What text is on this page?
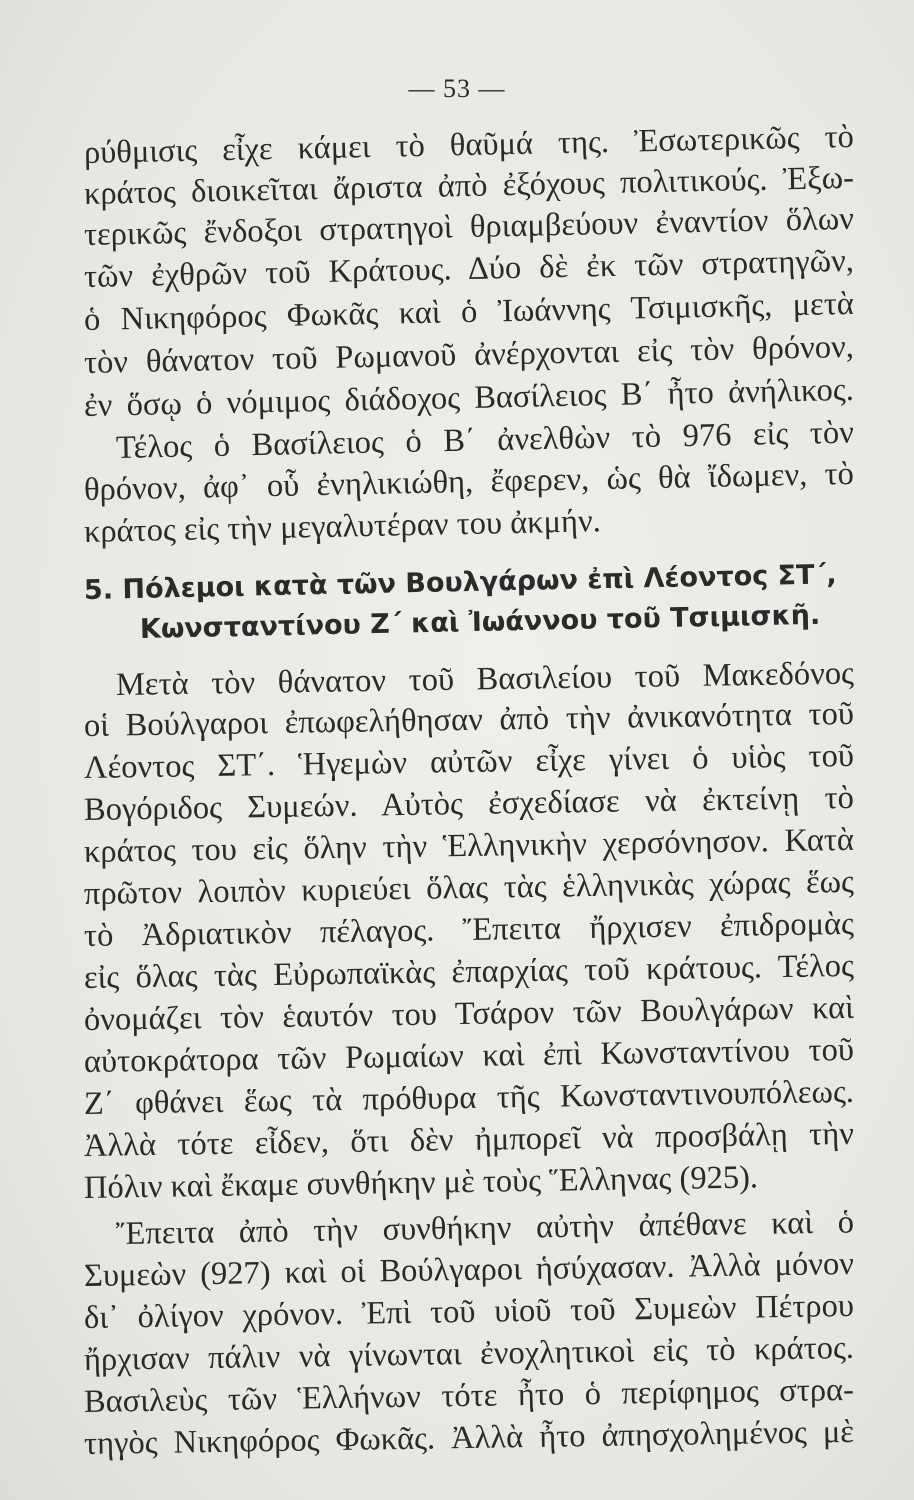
— 53 —
ρύθμισις εἶχε κάμει τὸ θαῦμά της. Ἐσωτερικῶς τὸ
κράτος διοικεῖται ἄριστα ἀπὸ ἐξόχους πολιτικούς. Ἐξω-
τερικῶς ἔνδοξοι στρατηγοὶ θριαμβεύουν ἐναντίον ὅλων
τῶν ἐχθρῶν τοῦ Κράτους. Δύο δὲ ἐκ τῶν στρατηγῶν,
ὁ Νικηφόρος Φωκᾶς καὶ ὁ Ἰωάννης Τσιμισκῆς, μετὰ
τὸν θάνατον τοῦ Ρωμανοῦ ἀνέρχονται εἰς τὸν θρόνον,
ἐν ὅσῳ ὁ νόμιμος διάδοχος Βασίλειος Β΄ ἦτο ἀνήλικος.
Τέλος ὁ Βασίλειος ὁ Β΄ ἀνελθὼν τὸ 976 εἰς τὸν
θρόνον, ἀφ᾿ οὗ ἐνηλικιώθη, ἔφερεν, ὡς θὰ ἴδωμεν, τὸ
κράτος εἰς τὴν μεγαλυτέραν του ἀκμήν.
5. Πόλεμοι κατὰ τῶν Βουλγάρων ἐπὶ Λέοντος ΣΤ΄,
Κωνσταντίνου Ζ΄ καὶ Ἰωάννου τοῦ Τσιμισκῆ.
Μετὰ τὸν θάνατον τοῦ Βασιλείου τοῦ Μακεδόνος
οἱ Βούλγαροι ἐπωφελήθησαν ἀπὸ τὴν ἀνικανότητα τοῦ
Λέοντος ΣΤ΄. Ἡγεμὼν αὐτῶν εἶχε γίνει ὁ υἱὸς τοῦ
Βογόριδος Συμεών. Αὐτὸς ἐσχεδίασε νὰ ἐκτείνῃ τὸ
κράτος του εἰς ὅλην τὴν Ἑλληνικὴν χερσόνησον. Κατὰ
πρῶτον λοιπὸν κυριεύει ὅλας τὰς ἑλληνικὰς χώρας ἕως
τὸ Ἀδριατικὸν πέλαγος. Ἔπειτα ἤρχισεν ἐπιδρομὰς
εἰς ὅλας τὰς Εὐρωπαϊκὰς ἐπαρχίας τοῦ κράτους. Τέλος
ὀνομάζει τὸν ἑαυτόν του Τσάρον τῶν Βουλγάρων καὶ
αὐτοκράτορα τῶν Ρωμαίων καὶ ἐπὶ Κωνσταντίνου τοῦ
Ζ΄ φθάνει ἕως τὰ πρόθυρα τῆς Κωνσταντινουπόλεως.
Ἀλλὰ τότε εἶδεν, ὅτι δὲν ἠμπορεῖ νὰ προσβάλῃ τὴν
Πόλιν καὶ ἔκαμε συνθήκην μὲ τοὺς Ἕλληνας (925).
Ἔπειτα ἀπὸ τὴν συνθήκην αὐτὴν ἀπέθανε καὶ ὁ
Συμεὼν (927) καὶ οἱ Βούλγαροι ἡσύχασαν. Ἀλλὰ μόνον
δι᾿ ὀλίγον χρόνον. Ἐπὶ τοῦ υἱοῦ τοῦ Συμεὼν Πέτρου
ἤρχισαν πάλιν νὰ γίνωνται ἐνοχλητικοὶ εἰς τὸ κράτος.
Βασιλεὺς τῶν Ἑλλήνων τότε ἦτο ὁ περίφημος στρα-
τηγὸς Νικηφόρος Φωκᾶς. Ἀλλὰ ἦτο ἀπησχολημένος μὲ
